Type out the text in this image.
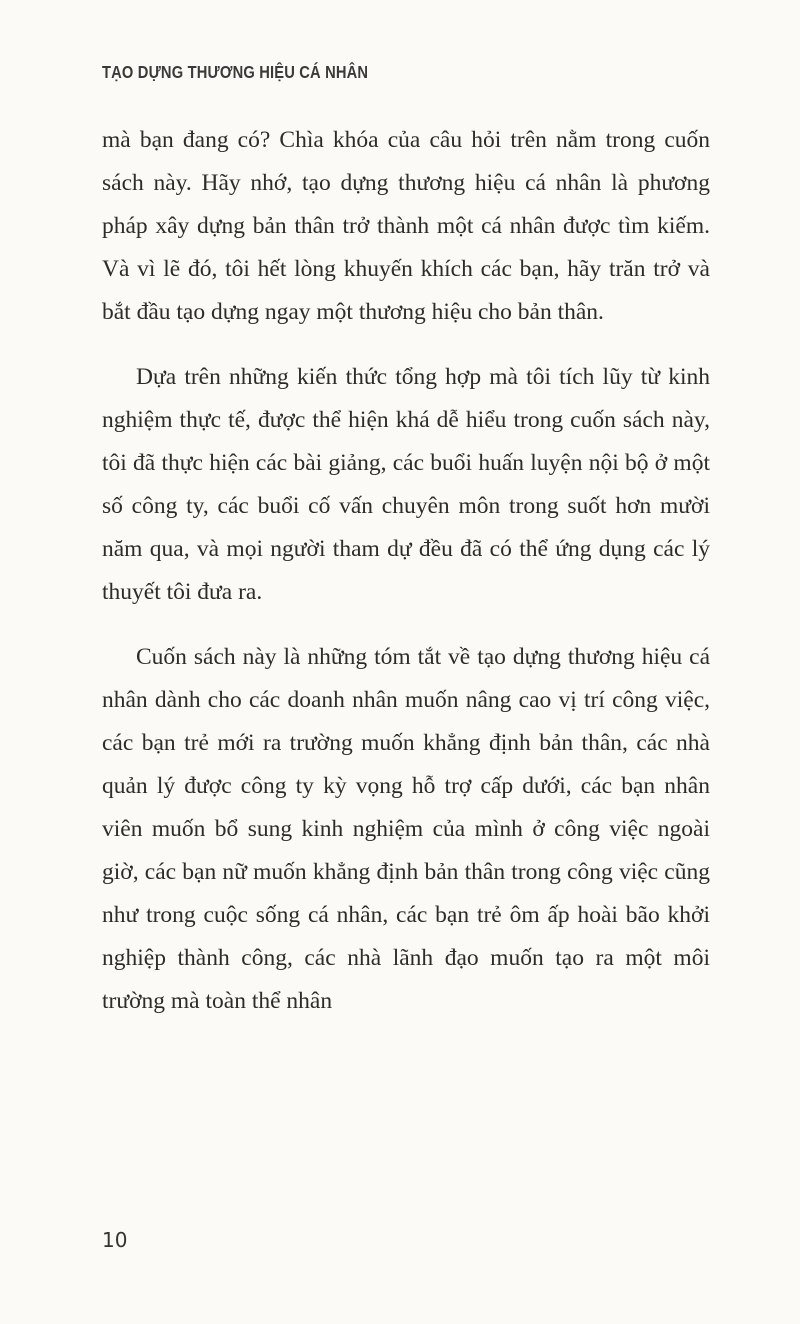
TẠO DỰNG THƯƠNG HIỆU CÁ NHÂN

mà bạn đang có? Chìa khóa của câu hỏi trên nằm trong cuốn sách này. Hãy nhớ, tạo dựng thương hiệu cá nhân là phương pháp xây dựng bản thân trở thành một cá nhân được tìm kiếm. Và vì lẽ đó, tôi hết lòng khuyến khích các bạn, hãy trăn trở và bắt đầu tạo dựng ngay một thương hiệu cho bản thân.

Dựa trên những kiến thức tổng hợp mà tôi tích lũy từ kinh nghiệm thực tế, được thể hiện khá dễ hiểu trong cuốn sách này, tôi đã thực hiện các bài giảng, các buổi huấn luyện nội bộ ở một số công ty, các buổi cố vấn chuyên môn trong suốt hơn mười năm qua, và mọi người tham dự đều đã có thể ứng dụng các lý thuyết tôi đưa ra.

Cuốn sách này là những tóm tắt về tạo dựng thương hiệu cá nhân dành cho các doanh nhân muốn nâng cao vị trí công việc, các bạn trẻ mới ra trường muốn khẳng định bản thân, các nhà quản lý được công ty kỳ vọng hỗ trợ cấp dưới, các bạn nhân viên muốn bổ sung kinh nghiệm của mình ở công việc ngoài giờ, các bạn nữ muốn khẳng định bản thân trong công việc cũng như trong cuộc sống cá nhân, các bạn trẻ ôm ấp hoài bão khởi nghiệp thành công, các nhà lãnh đạo muốn tạo ra một môi trường mà toàn thể nhân

10
